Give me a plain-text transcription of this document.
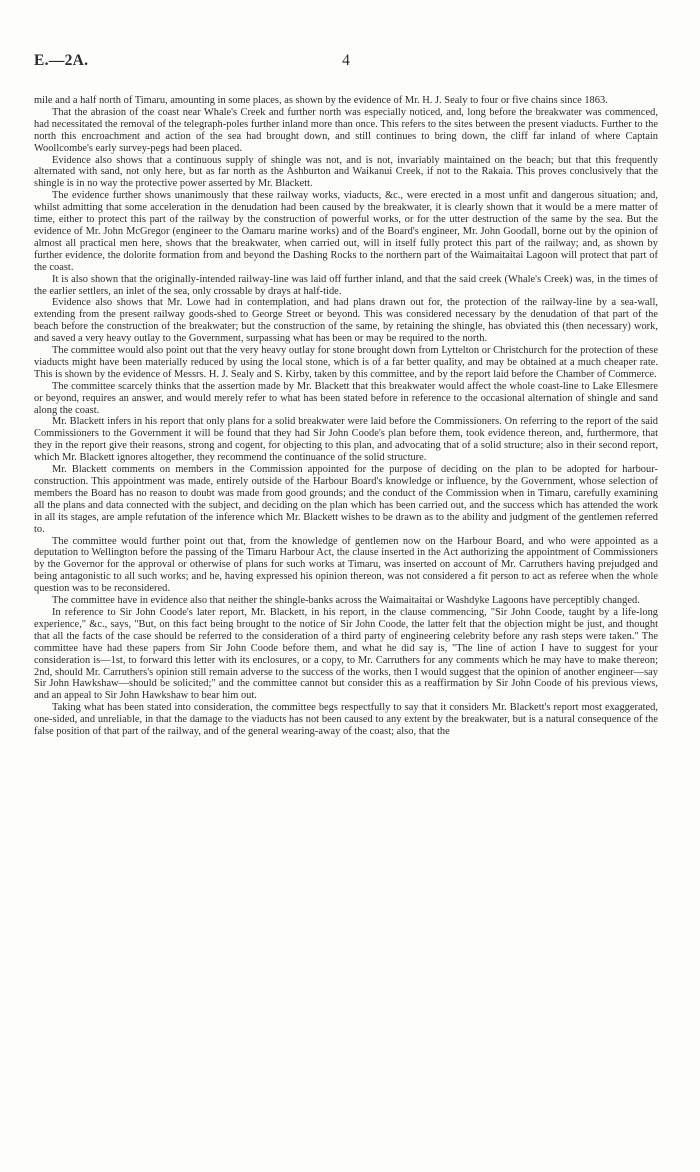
E.—2A.	4

mile and a half north of Timaru, amounting in some places, as shown by the evidence of Mr. H. J. Sealy to four or five chains since 1863.

That the abrasion of the coast near Whale's Creek and further north was especially noticed, and, long before the breakwater was commenced, had necessitated the removal of the telegraph-poles further inland more than once. This refers to the sites between the present viaducts. Further to the north this encroachment and action of the sea had brought down, and still continues to bring down, the cliff far inland of where Captain Woollcombe's early survey-pegs had been placed.

Evidence also shows that a continuous supply of shingle was not, and is not, invariably maintained on the beach; but that this frequently alternated with sand, not only here, but as far north as the Ashburton and Waikanui Creek, if not to the Rakaia. This proves conclusively that the shingle is in no way the protective power asserted by Mr. Blackett.

The evidence further shows unanimously that these railway works, viaducts, &c., were erected in a most unfit and dangerous situation; and, whilst admitting that some acceleration in the denudation had been caused by the breakwater, it is clearly shown that it would be a mere matter of time, either to protect this part of the railway by the construction of powerful works, or for the utter destruction of the same by the sea. But the evidence of Mr. John McGregor (engineer to the Oamaru marine works) and of the Board's engineer, Mr. John Goodall, borne out by the opinion of almost all practical men here, shows that the breakwater, when carried out, will in itself fully protect this part of the railway; and, as shown by further evidence, the dolorite formation from and beyond the Dashing Rocks to the northern part of the Waimaitaitai Lagoon will protect that part of the coast.

It is also shown that the originally-intended railway-line was laid off further inland, and that the said creek (Whale's Creek) was, in the times of the earlier settlers, an inlet of the sea, only crossable by drays at half-tide.

Evidence also shows that Mr. Lowe had in contemplation, and had plans drawn out for, the protection of the railway-line by a sea-wall, extending from the present railway goods-shed to George Street or beyond. This was considered necessary by the denudation of that part of the beach before the construction of the breakwater; but the construction of the same, by retaining the shingle, has obviated this (then necessary) work, and saved a very heavy outlay to the Government, surpassing what has been or may be required to the north.

The committee would also point out that the very heavy outlay for stone brought down from Lyttelton or Christchurch for the protection of these viaducts might have been materially reduced by using the local stone, which is of a far better quality, and may be obtained at a much cheaper rate. This is shown by the evidence of Messrs. H. J. Sealy and S. Kirby, taken by this committee, and by the report laid before the Chamber of Commerce.

The committee scarcely thinks that the assertion made by Mr. Blackett that this breakwater would affect the whole coast-line to Lake Ellesmere or beyond, requires an answer, and would merely refer to what has been stated before in reference to the occasional alternation of shingle and sand along the coast.

Mr. Blackett infers in his report that only plans for a solid breakwater were laid before the Commissioners. On referring to the report of the said Commissioners to the Government it will be found that they had Sir John Coode's plan before them, took evidence thereon, and, furthermore, that they in the report give their reasons, strong and cogent, for objecting to this plan, and advocating that of a solid structure; also in their second report, which Mr. Blackett ignores altogether, they recommend the continuance of the solid structure.

Mr. Blackett comments on members in the Commission appointed for the purpose of deciding on the plan to be adopted for harbour-construction. This appointment was made, entirely outside of the Harbour Board's knowledge or influence, by the Government, whose selection of members the Board has no reason to doubt was made from good grounds; and the conduct of the Commission when in Timaru, carefully examining all the plans and data connected with the subject, and deciding on the plan which has been carried out, and the success which has attended the work in all its stages, are ample refutation of the inference which Mr. Blackett wishes to be drawn as to the ability and judgment of the gentlemen referred to.

The committee would further point out that, from the knowledge of gentlemen now on the Harbour Board, and who were appointed as a deputation to Wellington before the passing of the Timaru Harbour Act, the clause inserted in the Act authorizing the appointment of Commissioners by the Governor for the approval or otherwise of plans for such works at Timaru, was inserted on account of Mr. Carruthers having prejudged and being antagonistic to all such works; and he, having expressed his opinion thereon, was not considered a fit person to act as referee when the whole question was to be reconsidered.

The committee have in evidence also that neither the shingle-banks across the Waimaitaitai or Washdyke Lagoons have perceptibly changed.

In reference to Sir John Coode's later report, Mr. Blackett, in his report, in the clause commencing, "Sir John Coode, taught by a life-long experience," &c., says, "But, on this fact being brought to the notice of Sir John Coode, the latter felt that the objection might be just, and thought that all the facts of the case should be referred to the consideration of a third party of engineering celebrity before any rash steps were taken." The committee have had these papers from Sir John Coode before them, and what he did say is, "The line of action I have to suggest for your consideration is—1st, to forward this letter with its enclosures, or a copy, to Mr. Carruthers for any comments which he may have to make thereon; 2nd, should Mr. Carruthers's opinion still remain adverse to the success of the works, then I would suggest that the opinion of another engineer—say Sir John Hawkshaw—should be solicited;" and the committee cannot but consider this as a reaffirmation by Sir John Coode of his previous views, and an appeal to Sir John Hawkshaw to bear him out.

Taking what has been stated into consideration, the committee begs respectfully to say that it considers Mr. Blackett's report most exaggerated, one-sided, and unreliable, in that the damage to the viaducts has not been caused to any extent by the breakwater, but is a natural consequence of the false position of that part of the railway, and of the general wearing-away of the coast; also, that the
